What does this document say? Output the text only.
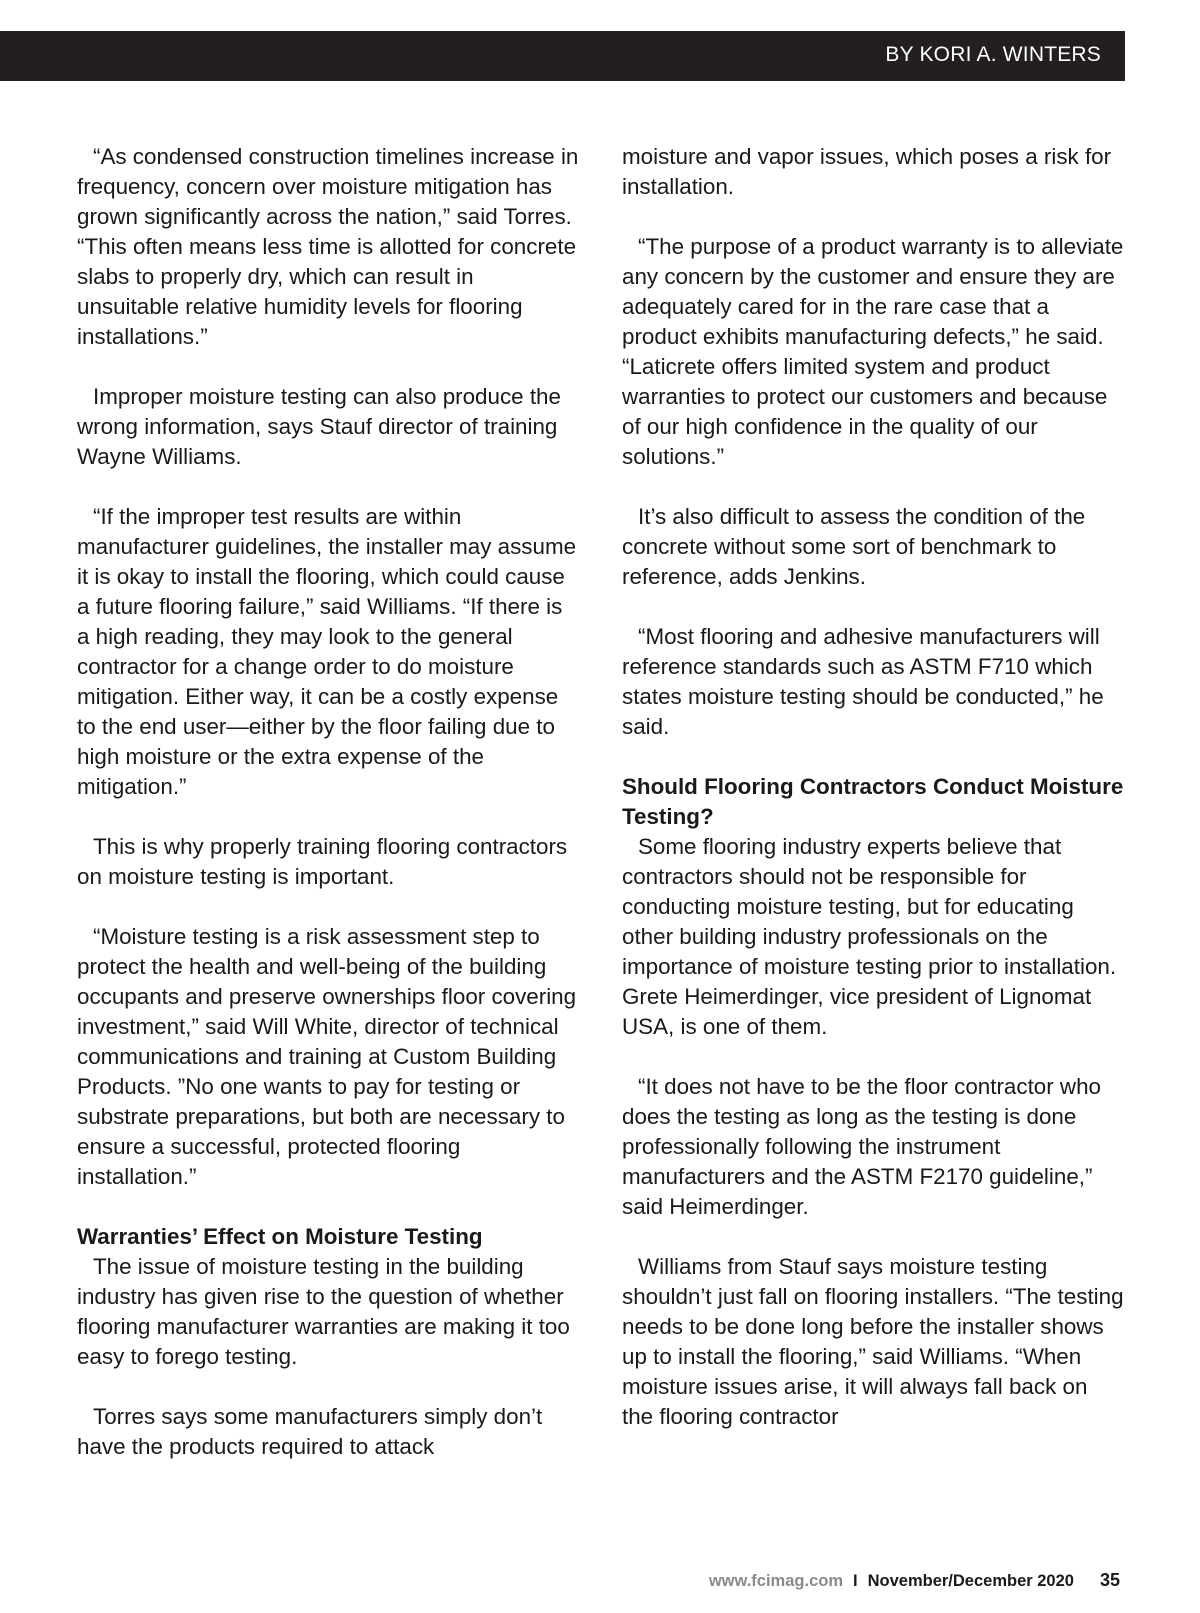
BY KORI A. WINTERS

“As condensed construction timelines increase in frequency, concern over moisture mitigation has grown significantly across the nation,” said Torres. “This often means less time is allotted for concrete slabs to properly dry, which can result in unsuitable relative humidity levels for flooring installations.”

Improper moisture testing can also produce the wrong information, says Stauf director of training Wayne Williams.

“If the improper test results are within manufacturer guidelines, the installer may assume it is okay to install the flooring, which could cause a future flooring failure,” said Williams. “If there is a high reading, they may look to the general contractor for a change order to do moisture mitigation. Either way, it can be a costly expense to the end user—either by the floor failing due to high moisture or the extra expense of the mitigation.”

This is why properly training flooring contractors on moisture testing is important.

“Moisture testing is a risk assessment step to protect the health and well-being of the building occupants and preserve ownerships floor covering investment,” said Will White, director of technical communications and training at Custom Building Products. ”No one wants to pay for testing or substrate preparations, but both are necessary to ensure a successful, protected flooring installation.”

Warranties’ Effect on Moisture Testing

The issue of moisture testing in the building industry has given rise to the question of whether flooring manufacturer warranties are making it too easy to forego testing.

Torres says some manufacturers simply don’t have the products required to attack

moisture and vapor issues, which poses a risk for installation.

“The purpose of a product warranty is to alleviate any concern by the customer and ensure they are adequately cared for in the rare case that a product exhibits manufacturing defects,” he said. “Laticrete offers limited system and product warranties to protect our customers and because of our high confidence in the quality of our solutions.”

It’s also difficult to assess the condition of the concrete without some sort of benchmark to reference, adds Jenkins.

“Most flooring and adhesive manufacturers will reference standards such as ASTM F710 which states moisture testing should be conducted,” he said.

Should Flooring Contractors Conduct Moisture Testing?

Some flooring industry experts believe that contractors should not be responsible for conducting moisture testing, but for educating other building industry professionals on the importance of moisture testing prior to installation. Grete Heimerdinger, vice president of Lignomat USA, is one of them.

“It does not have to be the floor contractor who does the testing as long as the testing is done professionally following the instrument manufacturers and the ASTM F2170 guideline,” said Heimerdinger.

Williams from Stauf says moisture testing shouldn’t just fall on flooring installers. “The testing needs to be done long before the installer shows up to install the flooring,” said Williams. “When moisture issues arise, it will always fall back on the flooring contractor

www.fcimag.com I November/December 2020 35
